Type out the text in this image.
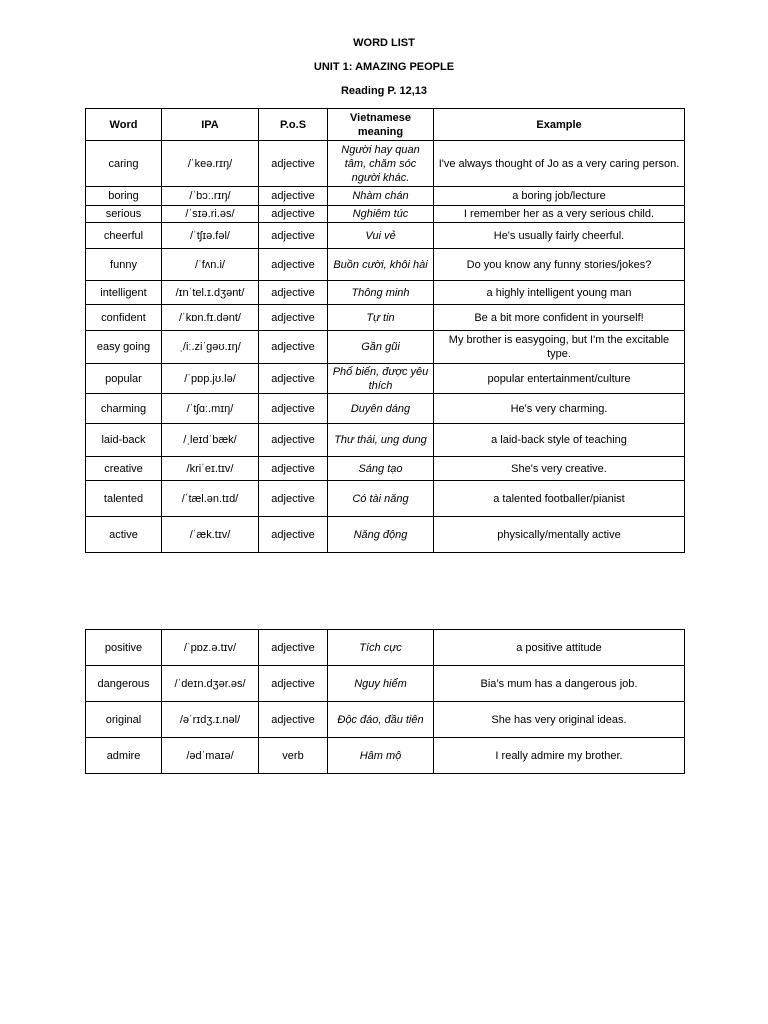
WORD LIST
UNIT 1: AMAZING PEOPLE
Reading P. 12,13
Word	IPA	P.o.S	Vietnamese meaning	Example
caring	/ˈkeə.rɪŋ/	adjective	Người hay quan tâm, chăm sóc người khác.	I've always thought of Jo as a very caring person.
boring	/ˈbɔː.rɪŋ/	adjective	Nhàm chán	a boring job/lecture
serious	/ˈsɪə.ri.əs/	adjective	Nghiêm túc	I remember her as a very serious child.
cheerful	/ˈtʃɪə.fəl/	adjective	Vui vẻ	He's usually fairly cheerful.
funny	/ˈfʌn.i/	adjective	Buồn cười, khôi hài	Do you know any funny stories/jokes?
intelligent	/ɪnˈtel.ɪ.dʒənt/	adjective	Thông minh	a highly intelligent young man
confident	/ˈkɒn.fɪ.dənt/	adjective	Tự tin	Be a bit more confident in yourself!
easy going	ˌ/iː.ziˈɡəʊ.ɪŋ/	adjective	Gần gũi	My brother is easygoing, but I'm the excitable type.
popular	/ˈpɒp.jʊ.lə/	adjective	Phổ biến, được yêu thích	popular entertainment/culture
charming	/ˈtʃɑː.mɪŋ/	adjective	Duyên dáng	He's very charming.
laid-back	/ˌleɪdˈbæk/	adjective	Thư thái, ung dung	a laid-back style of teaching
creative	/kriˈeɪ.tɪv/	adjective	Sáng tạo	She's very creative.
talented	/ˈtæl.ən.tɪd/	adjective	Có tài năng	a talented footballer/pianist
active	/ˈæk.tɪv/	adjective	Năng động	physically/mentally active
positive	/ˈpɒz.ə.tɪv/	adjective	Tích cực	a positive attitude
dangerous	/ˈdeɪn.dʒər.əs/	adjective	Nguy hiểm	Bia’s mum has a dangerous job.
original	/əˈrɪdʒ.ɪ.nəl/	adjective	Độc đáo, đầu tiên	She has very original ideas.
admire	/ədˈmaɪə/	verb	Hâm mộ	I really admire my brother.
